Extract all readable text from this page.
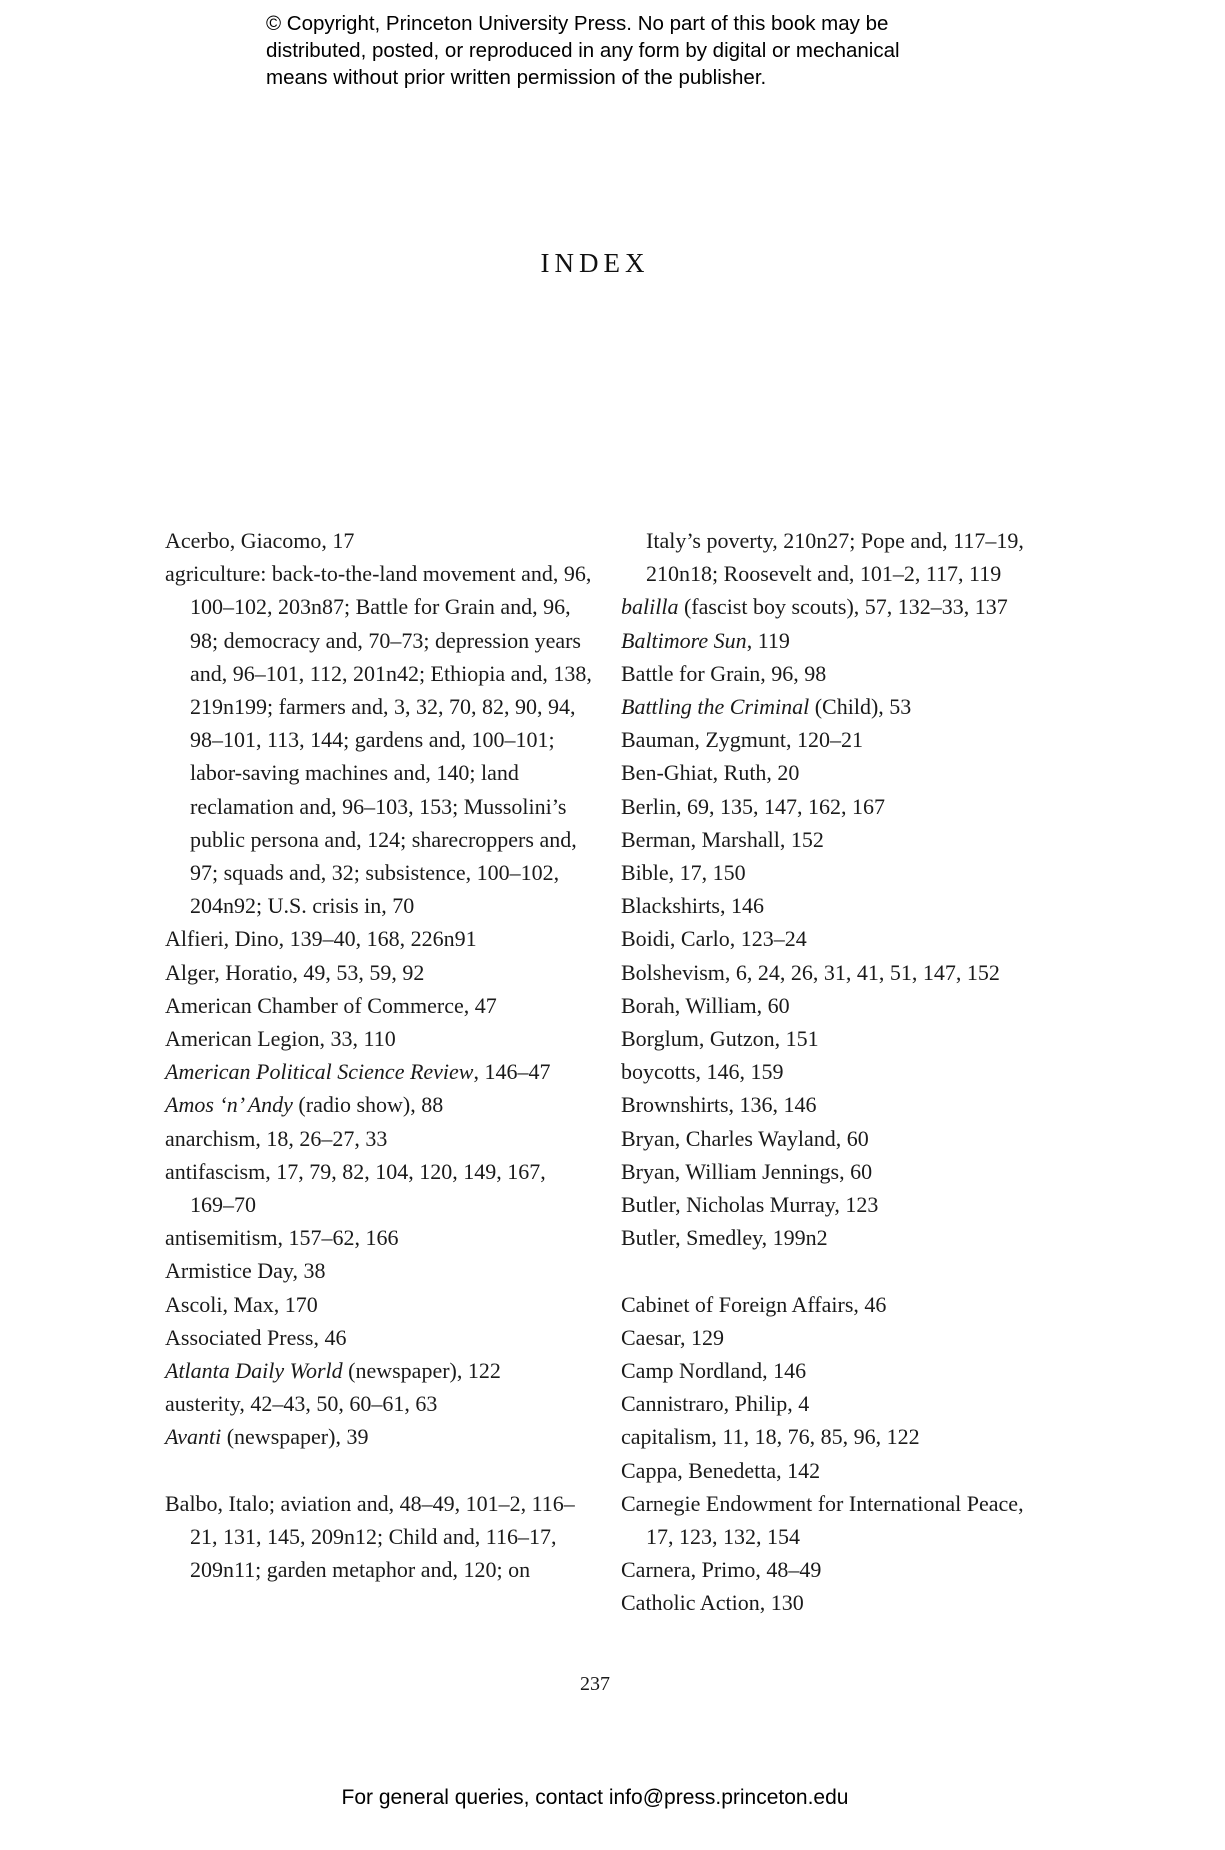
© Copyright, Princeton University Press. No part of this book may be
distributed, posted, or reproduced in any form by digital or mechanical
means without prior written permission of the publisher.
INDEX
Acerbo, Giacomo, 17
agriculture: back-to-the-land movement and, 96, 100–102, 203n87; Battle for Grain and, 96, 98; democracy and, 70–73; depression years and, 96–101, 112, 201n42; Ethiopia and, 138, 219n199; farmers and, 3, 32, 70, 82, 90, 94, 98–101, 113, 144; gardens and, 100–101; labor-saving machines and, 140; land reclamation and, 96–103, 153; Mussolini’s public persona and, 124; sharecroppers and, 97; squads and, 32; subsistence, 100–102, 204n92; U.S. crisis in, 70
Alfieri, Dino, 139–40, 168, 226n91
Alger, Horatio, 49, 53, 59, 92
American Chamber of Commerce, 47
American Legion, 33, 110
American Political Science Review, 146–47
Amos ‘n’ Andy (radio show), 88
anarchism, 18, 26–27, 33
antifascism, 17, 79, 82, 104, 120, 149, 167, 169–70
antisemitism, 157–62, 166
Armistice Day, 38
Ascoli, Max, 170
Associated Press, 46
Atlanta Daily World (newspaper), 122
austerity, 42–43, 50, 60–61, 63
Avanti (newspaper), 39
Balbo, Italo; aviation and, 48–49, 101–2, 116–21, 131, 145, 209n12; Child and, 116–17, 209n11; garden metaphor and, 120; on
Italy’s poverty, 210n27; Pope and, 117–19, 210n18; Roosevelt and, 101–2, 117, 119
balilla (fascist boy scouts), 57, 132–33, 137
Baltimore Sun, 119
Battle for Grain, 96, 98
Battling the Criminal (Child), 53
Bauman, Zygmunt, 120–21
Ben-Ghiat, Ruth, 20
Berlin, 69, 135, 147, 162, 167
Berman, Marshall, 152
Bible, 17, 150
Blackshirts, 146
Boidi, Carlo, 123–24
Bolshevism, 6, 24, 26, 31, 41, 51, 147, 152
Borah, William, 60
Borglum, Gutzon, 151
boycotts, 146, 159
Brownshirts, 136, 146
Bryan, Charles Wayland, 60
Bryan, William Jennings, 60
Butler, Nicholas Murray, 123
Butler, Smedley, 199n2
Cabinet of Foreign Affairs, 46
Caesar, 129
Camp Nordland, 146
Cannistraro, Philip, 4
capitalism, 11, 18, 76, 85, 96, 122
Cappa, Benedetta, 142
Carnegie Endowment for International Peace, 17, 123, 132, 154
Carnera, Primo, 48–49
Catholic Action, 130
237
For general queries, contact info@press.princeton.edu
